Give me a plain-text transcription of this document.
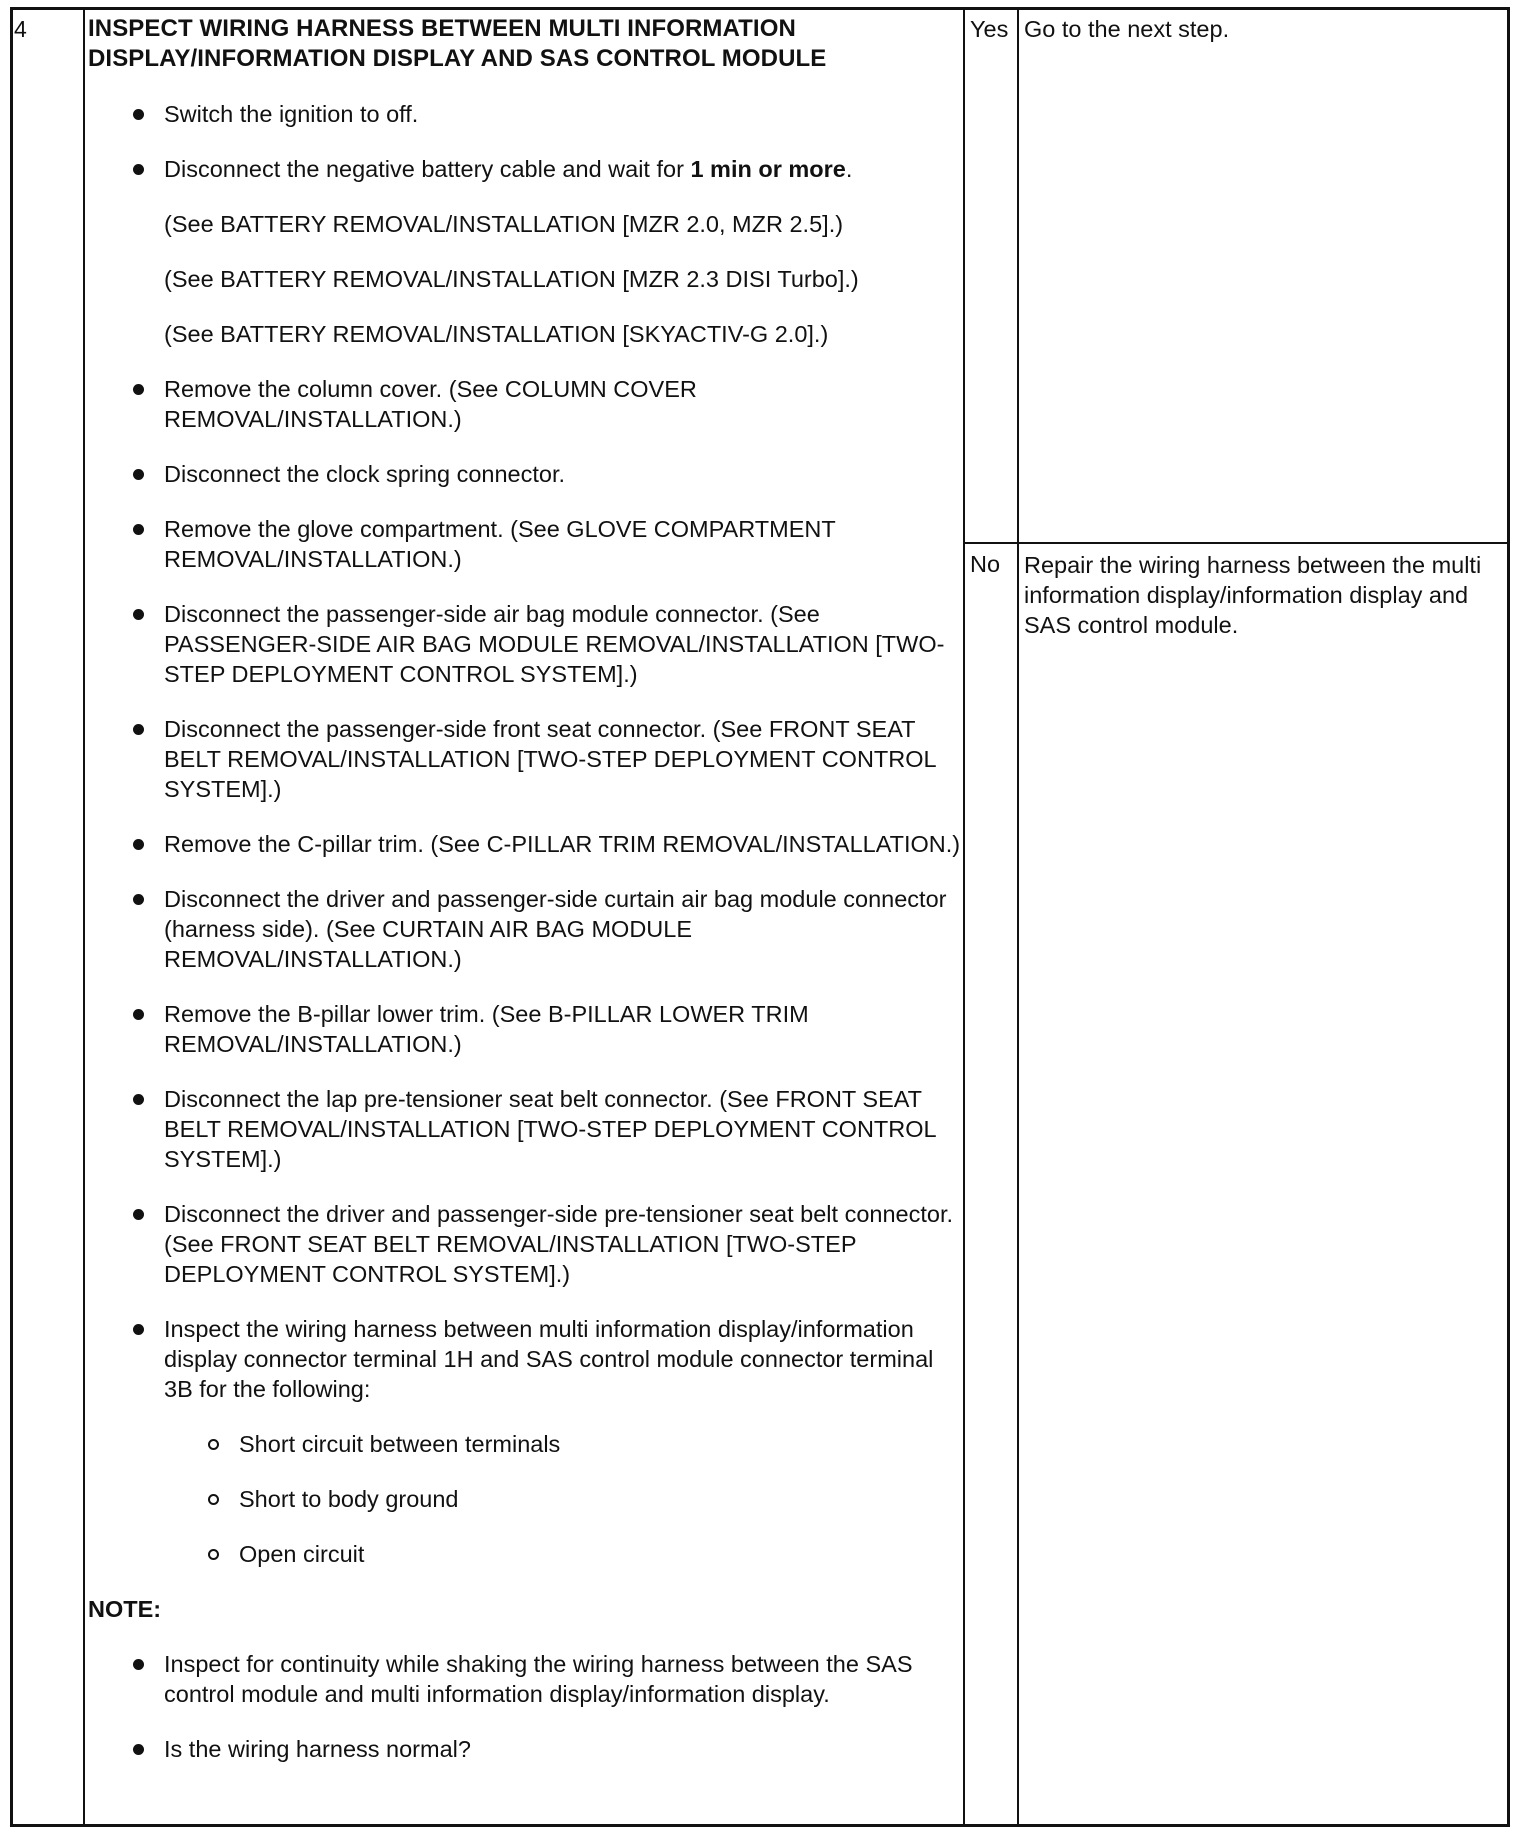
4	INSPECT WIRING HARNESS BETWEEN MULTI INFORMATION DISPLAY/INFORMATION DISPLAY AND SAS CONTROL MODULE
Switch the ignition to off.
Disconnect the negative battery cable and wait for 1 min or more.
(See BATTERY REMOVAL/INSTALLATION [MZR 2.0, MZR 2.5].)
(See BATTERY REMOVAL/INSTALLATION [MZR 2.3 DISI Turbo].)
(See BATTERY REMOVAL/INSTALLATION [SKYACTIV-G 2.0].)
Remove the column cover. (See COLUMN COVER REMOVAL/INSTALLATION.)
Disconnect the clock spring connector.
Remove the glove compartment. (See GLOVE COMPARTMENT REMOVAL/INSTALLATION.)
Disconnect the passenger-side air bag module connector. (See PASSENGER-SIDE AIR BAG MODULE REMOVAL/INSTALLATION [TWO-STEP DEPLOYMENT CONTROL SYSTEM].)
Disconnect the passenger-side front seat connector. (See FRONT SEAT BELT REMOVAL/INSTALLATION [TWO-STEP DEPLOYMENT CONTROL SYSTEM].)
Remove the C-pillar trim. (See C-PILLAR TRIM REMOVAL/INSTALLATION.)
Disconnect the driver and passenger-side curtain air bag module connector (harness side). (See CURTAIN AIR BAG MODULE REMOVAL/INSTALLATION.)
Remove the B-pillar lower trim. (See B-PILLAR LOWER TRIM REMOVAL/INSTALLATION.)
Disconnect the lap pre-tensioner seat belt connector. (See FRONT SEAT BELT REMOVAL/INSTALLATION [TWO-STEP DEPLOYMENT CONTROL SYSTEM].)
Disconnect the driver and passenger-side pre-tensioner seat belt connector. (See FRONT SEAT BELT REMOVAL/INSTALLATION [TWO-STEP DEPLOYMENT CONTROL SYSTEM].)
Inspect the wiring harness between multi information display/information display connector terminal 1H and SAS control module connector terminal 3B for the following:
Short circuit between terminals
Short to body ground
Open circuit
NOTE:
Inspect for continuity while shaking the wiring harness between the SAS control module and multi information display/information display.
Is the wiring harness normal?
Yes Go to the next step.
No Repair the wiring harness between the multi information display/information display and SAS control module.
